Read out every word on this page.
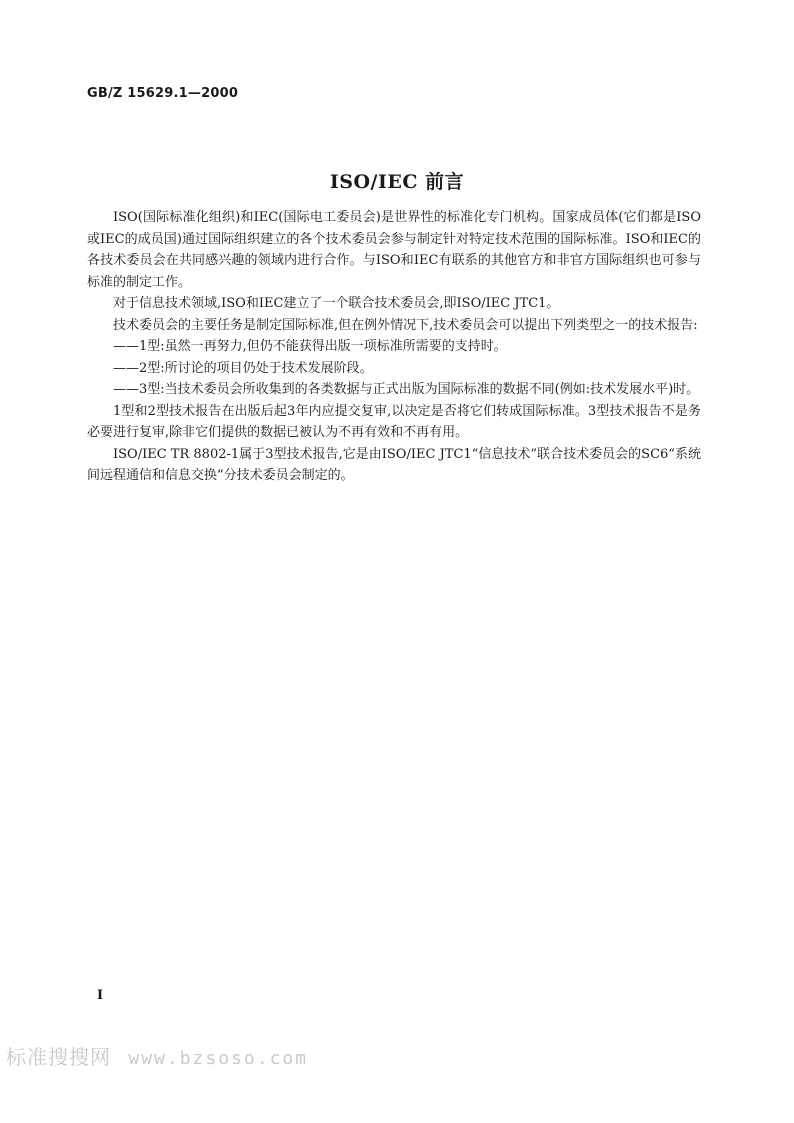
GB/Z 15629.1—2000
ISO/IEC 前言

ISO(国际标准化组织)和IEC(国际电工委员会)是世界性的标准化专门机构。国家成员体(它们都是ISO或IEC的成员国)通过国际组织建立的各个技术委员会参与制定针对特定技术范围的国际标准。ISO和IEC的各技术委员会在共同感兴趣的领域内进行合作。与ISO和IEC有联系的其他官方和非官方国际组织也可参与标准的制定工作。

对于信息技术领域,ISO和IEC建立了一个联合技术委员会,即ISO/IEC JTC1。

技术委员会的主要任务是制定国际标准,但在例外情况下,技术委员会可以提出下列类型之一的技术报告:

——1型:虽然一再努力,但仍不能获得出版一项标准所需要的支持时。

——2型:所讨论的项目仍处于技术发展阶段。

——3型:当技术委员会所收集到的各类数据与正式出版为国际标准的数据不同(例如:技术发展水平)时。

1型和2型技术报告在出版后起3年内应提交复审,以决定是否将它们转成国际标准。3型技术报告不是务必要进行复审,除非它们提供的数据已被认为不再有效和不再有用。

ISO/IEC TR 8802-1属于3型技术报告,它是由ISO/IEC JTC1“信息技术”联合技术委员会的SC6“系统间远程通信和信息交换”分技术委员会制定的。

I
标准搜搜网 www.bzsoso.com
